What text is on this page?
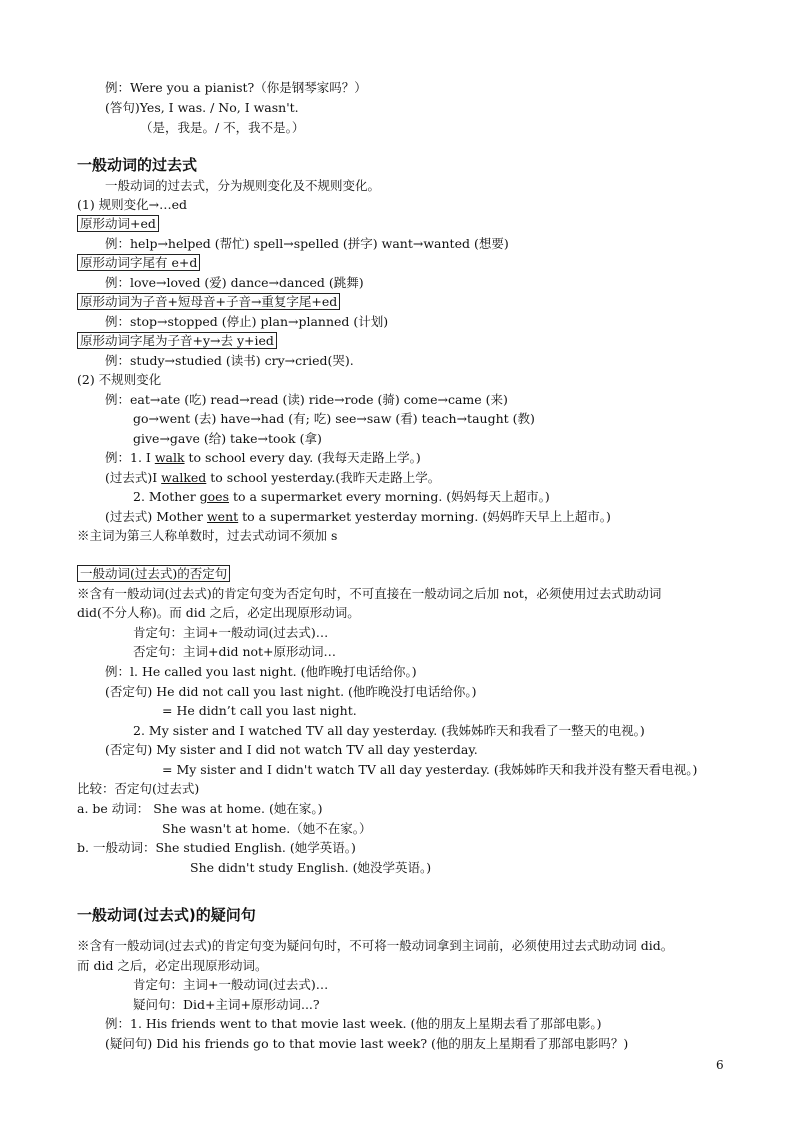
例：Were you a pianist?（你是钢琴家吗？）
(答句)Yes, I was. / No, I wasn't.
（是，我是。/ 不，我不是。）
一般动词的过去式
一般动词的过去式，分为规则变化及不规则变化。
(1) 规则变化→…ed
原形动词+ed
例：help→helped (帮忙) spell→spelled (拼字) want→wanted (想要)
原形动词字尾有 e+d
例：love→loved (爱) dance→danced (跳舞)
原形动词为子音+短母音+子音→重复字尾+ed
例：stop→stopped (停止) plan→planned (计划)
原形动词字尾为子音+y→去 y+ied
例：study→studied (读书) cry→cried(哭).
(2) 不规则变化
例：eat→ate (吃) read→read (读) ride→rode (骑) come→came (来)
go→went (去) have→had (有; 吃) see→saw (看) teach→taught (教)
give→gave (给) take→took (拿)
例：1. I walk to school every day. (我每天走路上学。)
(过去式)I walked to school yesterday.(我昨天走路上学。
2. Mother goes to a supermarket every morning. (妈妈每天上超市。)
(过去式) Mother went to a supermarket yesterday morning. (妈妈昨天早上上超市。)
※主词为第三人称单数时，过去式动词不须加 s
一般动词(过去式)的否定句
※含有一般动词(过去式)的肯定句变为否定句时，不可直接在一般动词之后加 not，必须使用过去式助动词
did(不分人称)。而 did 之后，必定出现原形动词。
肯定句：主词+一般动词(过去式)…
否定句：主词+did not+原形动词…
例：l. He called you last night. (他昨晚打电话给你。)
(否定句) He did not call you last night. (他昨晚没打电话给你。)
= He didn’t call you last night.
2. My sister and I watched TV all day yesterday. (我姊姊昨天和我看了一整天的电视。)
(否定句) My sister and I did not watch TV all day yesterday.
= My sister and I didn't watch TV all day yesterday. (我姊姊昨天和我并没有整天看电视。)
比较：否定句(过去式)
a. be 动词： She was at home. (她在家。)
She wasn't at home.（她不在家。）
b. 一般动词：She studied English. (她学英语。)
She didn't study English. (她没学英语。)
一般动词(过去式)的疑问句
※含有一般动词(过去式)的肯定句变为疑问句时，不可将一般动词拿到主词前，必须使用过去式助动词 did。
而 did 之后，必定出现原形动词。
肯定句：主词+一般动词(过去式)…
疑问句：Did+主词+原形动词...?
例：1. His friends went to that movie last week. (他的朋友上星期去看了那部电影。)
(疑问句) Did his friends go to that movie last week? (他的朋友上星期看了那部电影吗？)
6
